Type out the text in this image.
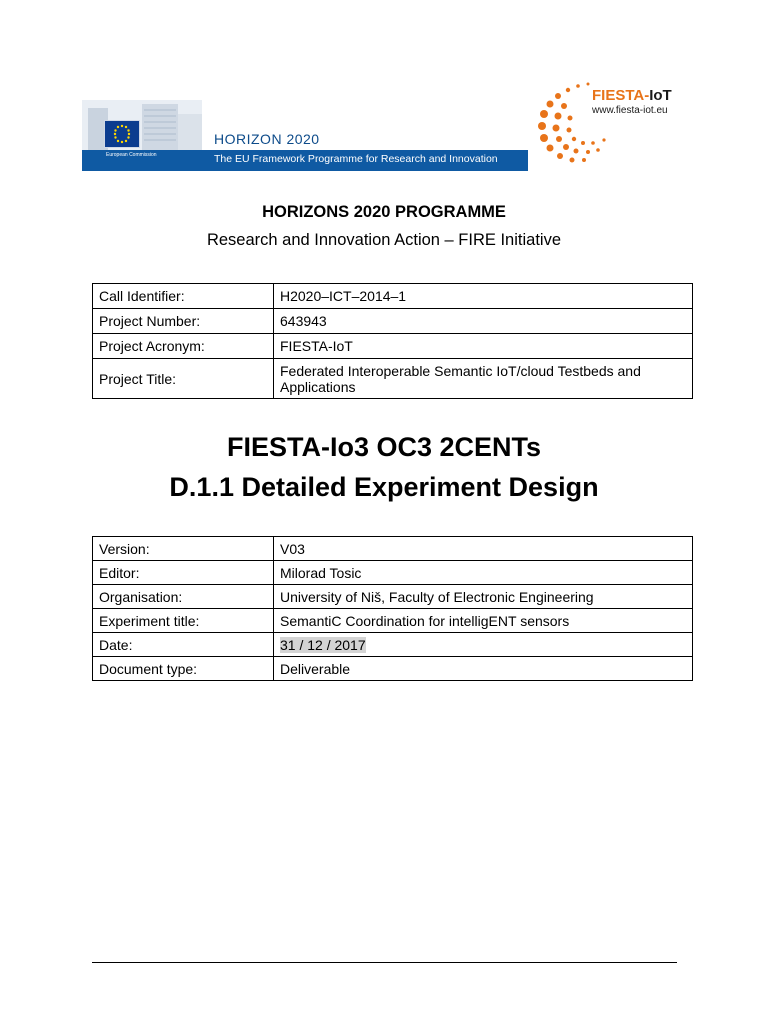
HORIZON 2020
The EU Framework Programme for Research and Innovation
European Commission
FIESTA-IoT
www.fiesta-iot.eu
HORIZONS 2020 PROGRAMME
Research and Innovation Action – FIRE Initiative
Call Identifier:	H2020–ICT–2014–1
Project Number:	643943
Project Acronym:	FIESTA-IoT
Project Title:	Federated Interoperable Semantic IoT/cloud Testbeds and Applications
FIESTA-Io3 OC3 2CENTs
D.1.1 Detailed Experiment Design
Version:	V03
Editor:	Milorad Tosic
Organisation:	University of Niš, Faculty of Electronic Engineering
Experiment title:	SemantiC Coordination for intelligENT sensors
Date:	31 / 12 / 2017
Document type:	Deliverable
